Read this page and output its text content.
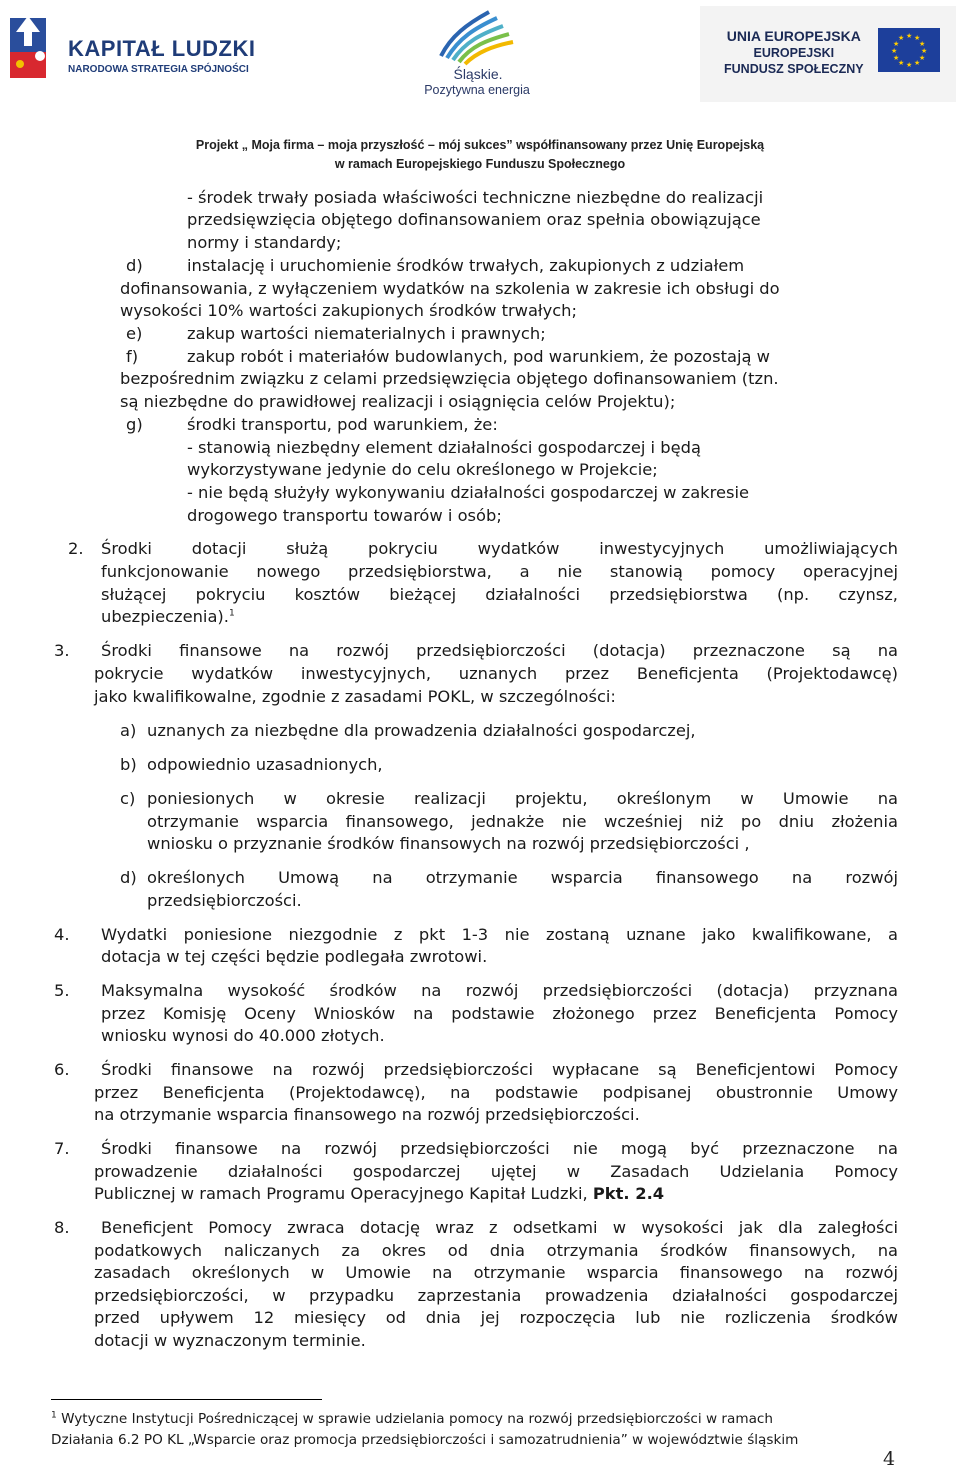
KAPITAŁ LUDZKI
NARODOWA STRATEGIA SPÓJNOŚCI	Śląskie.
Pozytywna energia
UNIA EUROPEJSKA
EUROPEJSKI
FUNDUSZ SPOŁECZNY
★ ★
★
★
★
★
★
★
★
★
★
★
Projekt „ Moja firma – moja przyszłość – mój sukces” współfinansowany przez Unię Europejską
w ramach Europejskiego Funduszu Społecznego
- środek trwały posiada właściwości techniczne niezbędne do realizacji
przedsięwzięcia objętego dofinansowaniem oraz spełnia obowiązujące
normy i standardy;
d)	instalację i uruchomienie środków trwałych, zakupionych z udziałem
dofinansowania, z wyłączeniem wydatków na szkolenia w zakresie ich obsługi do
wysokości 10% wartości zakupionych środków trwałych;
e)	zakup wartości niematerialnych i prawnych;
f)	zakup robót i materiałów budowlanych, pod warunkiem, że pozostają w
bezpośrednim związku z celami przedsięwzięcia objętego dofinansowaniem (tzn.
są niezbędne do prawidłowej realizacji i osiągnięcia celów Projektu);
g)	środki transportu, pod warunkiem, że:
- stanowią niezbędny element działalności gospodarczej i będą
wykorzystywane jedynie do celu określonego w Projekcie;
- nie będą służyły wykonywaniu działalności gospodarczej w zakresie
drogowego transportu towarów i osób;
2. Środki dotacji służą pokryciu wydatków inwestycyjnych umożliwiających
funkcjonowanie nowego przedsiębiorstwa, a nie stanowią pomocy operacyjnej
służącej pokryciu kosztów bieżącej działalności przedsiębiorstwa (np. czynsz,
ubezpieczenia).$^1$
3. Środki finansowe na rozwój przedsiębiorczości (dotacja) przeznaczone są na
pokrycie wydatków inwestycyjnych, uznanych przez Beneficjenta (Projektodawcę)
jako kwalifikowalne, zgodnie z zasadami POKL, w szczególności:
a) uznanych za niezbędne dla prowadzenia działalności gospodarczej,
b) odpowiednio uzasadnionych,
c) poniesionych w okresie realizacji projektu, określonym w Umowie na
otrzymanie wsparcia finansowego, jednakże nie wcześniej niż po dniu złożenia
wniosku o przyznanie środków finansowych na rozwój przedsiębiorczości ,
d) określonych Umową na otrzymanie wsparcia finansowego na rozwój
przedsiębiorczości.
4. Wydatki poniesione niezgodnie z pkt 1-3 nie zostaną uznane jako kwalifikowane, a
dotacja w tej części będzie podlegała zwrotowi.
5. Maksymalna wysokość środków na rozwój przedsiębiorczości (dotacja) przyznana
przez Komisję Oceny Wniosków na podstawie złożonego przez Beneficjenta Pomocy
wniosku wynosi do 40.000 złotych.
6. Środki finansowe na rozwój przedsiębiorczości wypłacane są Beneficjentowi Pomocy
przez Beneficjenta (Projektodawcę), na podstawie podpisanej obustronnie Umowy
na otrzymanie wsparcia finansowego na rozwój przedsiębiorczości.
7. Środki finansowe na rozwój przedsiębiorczości nie mogą być przeznaczone na
prowadzenie działalności gospodarczej ujętej w Zasadach Udzielania Pomocy
Publicznej w ramach Programu Operacyjnego Kapitał Ludzki, Pkt. 2.4
8. Beneficjent Pomocy zwraca dotację wraz z odsetkami w wysokości jak dla zaległości
podatkowych naliczanych za okres od dnia otrzymania środków finansowych, na
zasadach określonych w Umowie na otrzymanie wsparcia finansowego na rozwój
przedsiębiorczości, w przypadku zaprzestania prowadzenia działalności gospodarczej
przed upływem 12 miesięcy od dnia jej rozpoczęcia lub nie rozliczenia środków
dotacji w wyznaczonym terminie.
$^1$ Wytyczne Instytucji Pośredniczącej w sprawie udzielania pomocy na rozwój przedsiębiorczości w ramach
Działania 6.2 PO KL „Wsparcie oraz promocja przedsiębiorczości i samozatrudnienia” w województwie śląskim
4
